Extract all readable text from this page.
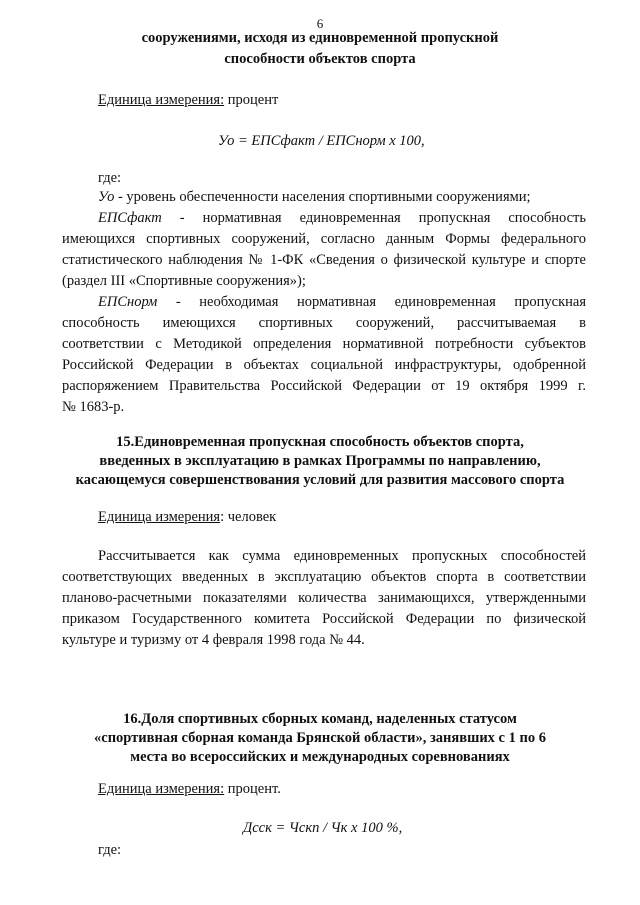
6
сооружениями, исходя из единовременной пропускной
способности объектов спорта
Единица измерения: процент
Уо = ЕПСфакт / ЕПСнорм х 100,
где:
Уо - уровень обеспеченности населения спортивными сооружениями;
ЕПСфакт - нормативная единовременная пропускная способность
имеющихся спортивных сооружений, согласно данным Формы федерального
статистического наблюдения № 1-ФК «Сведения о физической культуре и спорте
(раздел III «Спортивные сооружения»);
ЕПСнорм - необходимая нормативная единовременная пропускная
способность имеющихся спортивных сооружений, рассчитываемая в
соответствии с Методикой определения нормативной потребности субъектов
Российской Федерации в объектах социальной инфраструктуры, одобренной
распоряжением Правительства Российской Федерации от 19 октября 1999 г.
№ 1683-р.
15.Единовременная пропускная способность объектов спорта,
введенных в эксплуатацию в рамках Программы по направлению,
касающемуся совершенствования условий для развития массового спорта
Единица измерения: человек
Рассчитывается как сумма единовременных пропускных способностей
соответствующих введенных в эксплуатацию объектов спорта в соответствии
планово-расчетными показателями количества занимающихся, утвержденными
приказом Государственного комитета Российской Федерации по физической
культуре и туризму от 4 февраля 1998 года № 44.
16.Доля спортивных сборных команд, наделенных статусом
«спортивная сборная команда Брянской области», занявших с 1 по 6
места во всероссийских и международных соревнованиях
Единица измерения: процент.
Дсск = Чскп / Чк х 100 %,
где:
